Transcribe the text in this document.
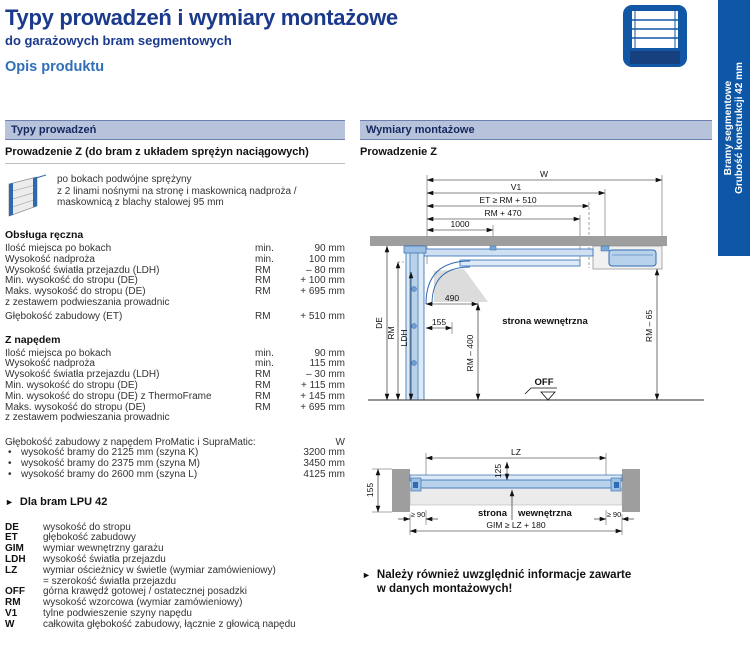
Typy prowadzeń i wymiary montażowe
do garażowych bram segmentowych
Opis produktu
Bramy segmentowe Grubość konstrukcji 42 mm
Typy prowadzeń
Prowadzenie Z (do bram z układem sprężyn naciągowych)
po bokach podwójne sprężyny
z 2 linami nośnymi na stronę i maskownicą nadproża /
maskownicą z blachy stalowej 95 mm
Obsługa ręczna
Ilość miejsca po bokach	min.	90 mm
Wysokość nadproża	min.	100 mm
Wysokość światła przejazdu (LDH)	RM	– 80 mm
Min. wysokość do stropu (DE)	RM	+ 100 mm
Maks. wysokość do stropu (DE)	RM	+ 695 mm
z zestawem podwieszania prowadnic
Głębokość zabudowy (ET)	RM	+ 510 mm
Z napędem
Ilość miejsca po bokach	min.	90 mm
Wysokość nadproża	min.	115 mm
Wysokość światła przejazdu (LDH)	RM	– 30 mm
Min. wysokość do stropu (DE)	RM	+ 115 mm
Min. wysokość do stropu (DE) z ThermoFrame	RM	+ 145 mm
Maks. wysokość do stropu (DE)	RM	+ 695 mm
z zestawem podwieszania prowadnic
Głębokość zabudowy z napędem ProMatic i SupraMatic:	W
• wysokość bramy do 2125 mm (szyna K)	3200 mm
• wysokość bramy do 2375 mm (szyna M)	3450 mm
• wysokość bramy do 2600 mm (szyna L)	4125 mm
► Dla bram LPU 42
DE	wysokość do stropu
ET	głębokość zabudowy
GIM	wymiar wewnętrzny garażu
LDH	wysokość światła przejazdu
LZ	wymiar ościeżnicy w świetle (wymiar zamówieniowy)
= szerokość światła przejazdu
OFF	górna krawędź gotowej / ostatecznej posadzki
RM	wysokość wzorcowa (wymiar zamówieniowy)
V1	tylne podwieszenie szyny napędu
W	całkowita głębokość zabudowy, łącznie z głowicą napędu
Wymiary montażowe
Prowadzenie Z
W
V1
ET ≥ RM + 510
RM + 470
1000
490
155
DE
RM LDH	RM – 400
RM – 65
strona wewnętrzna
OFF
LZ
125
155
≥ 90	≥ 90
GIM ≥ LZ + 180
strona wewnętrzna
► Należy również uwzględnić informacje zawarte
w danych montażowych!
